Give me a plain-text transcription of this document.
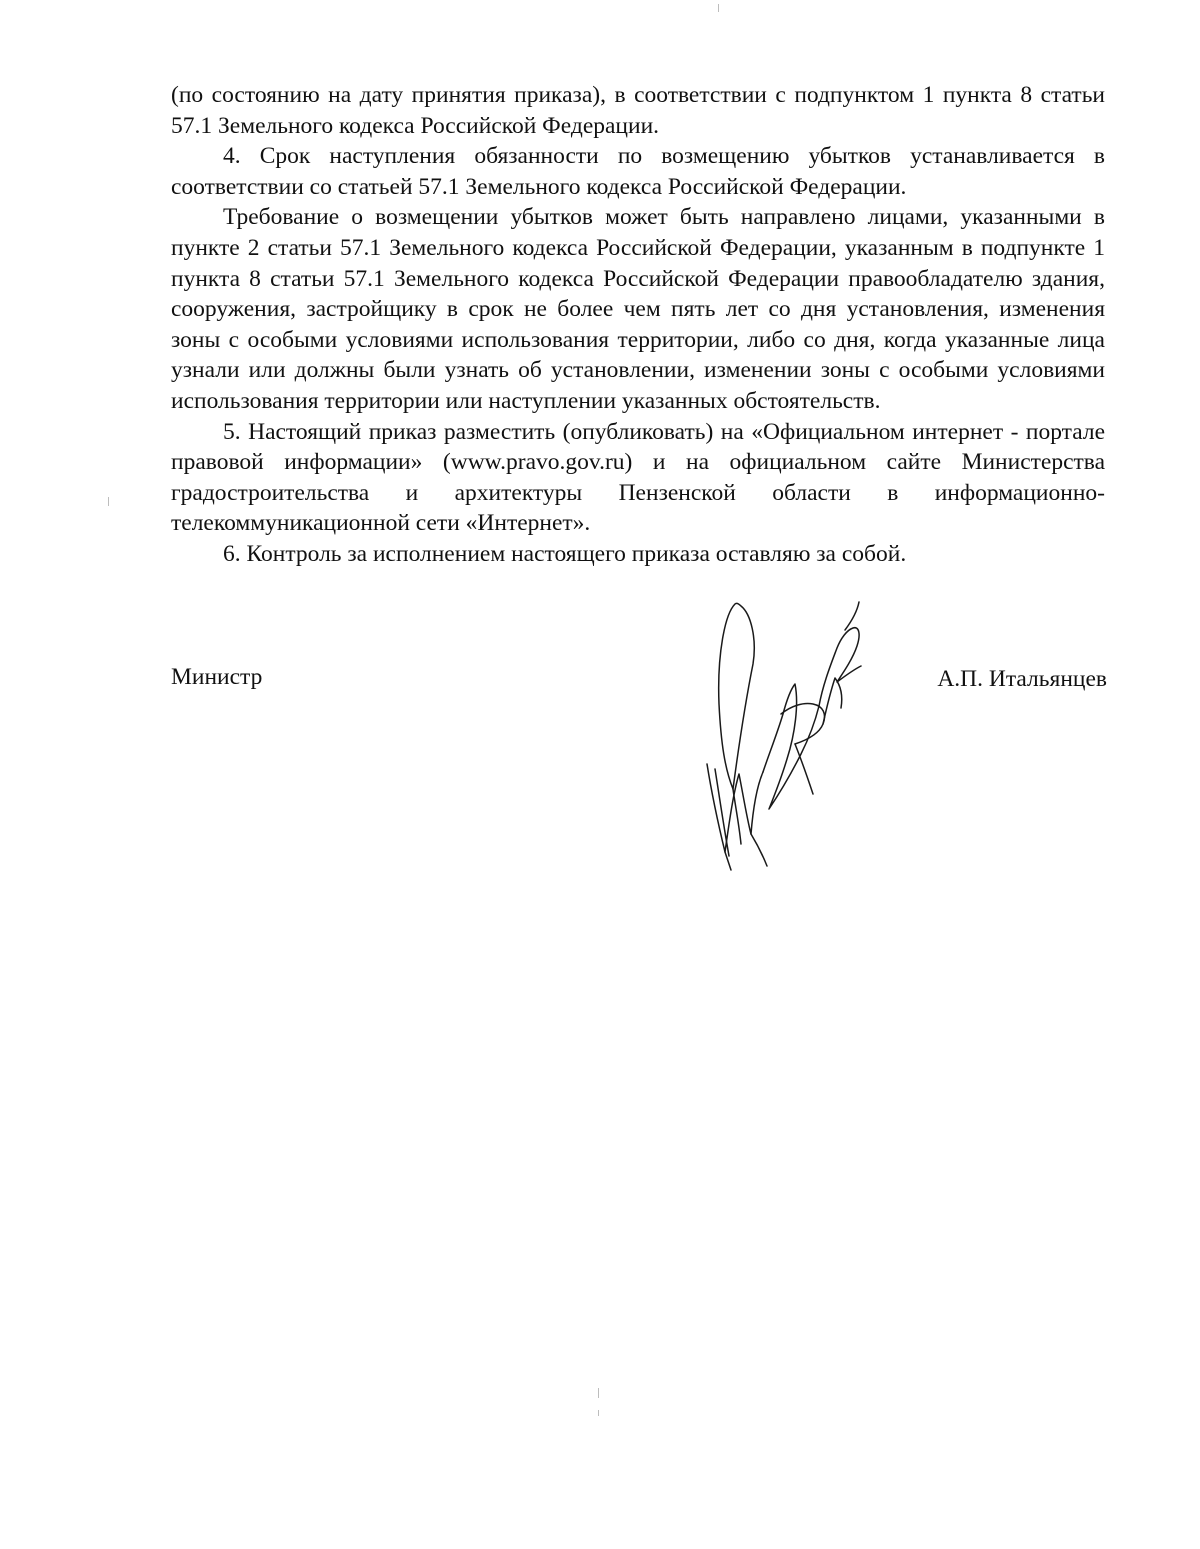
(по состоянию на дату принятия приказа), в соответствии с подпунктом 1 пункта 8 статьи 57.1 Земельного кодекса Российской Федерации.

4. Срок наступления обязанности по возмещению убытков устанавливается в соответствии со статьей 57.1 Земельного кодекса Российской Федерации.

Требование о возмещении убытков может быть направлено лицами, указанными в пункте 2 статьи 57.1 Земельного кодекса Российской Федерации, указанным в подпункте 1 пункта 8 статьи 57.1 Земельного кодекса Российской Федерации правообладателю здания, сооружения, застройщику в срок не более чем пять лет со дня установления, изменения зоны с особыми условиями использования территории, либо со дня, когда указанные лица узнали или должны были узнать об установлении, изменении зоны с особыми условиями использования территории или наступлении указанных обстоятельств.

5. Настоящий приказ разместить (опубликовать) на «Официальном интернет - портале правовой информации» (www.pravo.gov.ru) и на официальном сайте Министерства градостроительства и архитектуры Пензенской области в информационно-телекоммуникационной сети «Интернет».

6. Контроль за исполнением настоящего приказа оставляю за собой.

Министр	А.П. Итальянцев
